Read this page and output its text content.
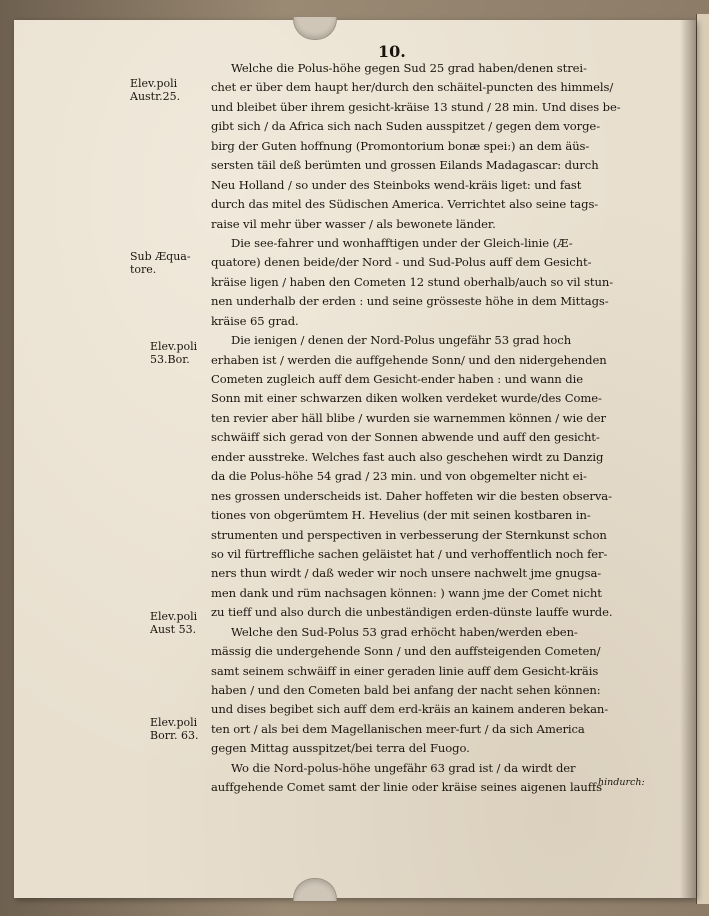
10.
Elev.poli
Austr.25.
Sub Æqua-
tore.
Elev.poli
53.Bor.
Elev.poli
Aust 53.
Elev.poli
Borr. 63.
Welche die Polus-höhe gegen Sud 25 grad haben/denen strei-
chet er über dem haupt her/durch den schäitel-puncten des himmels/
und bleibet über ihrem gesicht-kräise 13 stund / 28 min. Und dises be-
gibt sich / da Africa sich nach Suden ausspitzet / gegen dem vorge-
birg der Guten hoffnung (Promontorium bonæ spei:) an dem äüs-
sersten täil deß berümten und grossen Eilands Madagascar: durch
Neu Holland / so under des Steinboks wend-kräis liget: und fast
durch das mitel des Südischen America. Verrichtet also seine tags-
raise vil mehr über wasser / als bewonete länder.
Die see-fahrer und wonhafftigen under der Gleich-linie (Æ-
quatore) denen beide/der Nord - und Sud-Polus auff dem Gesicht-
kräise ligen / haben den Cometen 12 stund oberhalb/auch so vil stun-
nen underhalb der erden : und seine grösseste höhe in dem Mittags-
kräise 65 grad.
Die ienigen / denen der Nord-Polus ungefähr 53 grad hoch
erhaben ist / werden die auffgehende Sonn/ und den nidergehenden
Cometen zugleich auff dem Gesicht-ender haben : und wann die
Sonn mit einer schwarzen diken wolken verdeket wurde/des Come-
ten revier aber häll blibe / wurden sie warnemmen können / wie der
schwäiff sich gerad von der Sonnen abwende und auff den gesicht-
ender ausstreke. Welches fast auch also geschehen wirdt zu Danzig
da die Polus-höhe 54 grad / 23 min. und von obgemelter nicht ei-
nes grossen underscheids ist. Daher hoffeten wir die besten observa-
tiones von obgerümtem H. Hevelius (der mit seinen kostbaren in-
strumenten und perspectiven in verbesserung der Sternkunst schon
so vil fürtreffliche sachen geläistet hat / und verhoffentlich noch fer-
ners thun wirdt / daß weder wir noch unsere nachwelt jme gnugsa-
men dank und rüm nachsagen können: ) wann jme der Comet nicht
zu tieff und also durch die unbeständigen erden-dünste lauffe wurde.
Welche den Sud-Polus 53 grad erhöcht haben/werden eben-
mässig die undergehende Sonn / und den auffsteigenden Cometen/
samt seinem schwäiff in einer geraden linie auff dem Gesicht-kräis
haben / und den Cometen bald bei anfang der nacht sehen können:
und dises begibet sich auff dem erd-kräis an kainem anderen bekan-
ten ort / als bei dem Magellanischen meer-furt / da sich America
gegen Mittag ausspitzet/bei terra del Fuogo.
Wo die Nord-polus-höhe ungefähr 63 grad ist / da wirdt der
auffgehende Comet samt der linie oder kräise seines aigenen lauffs
hindurch:
